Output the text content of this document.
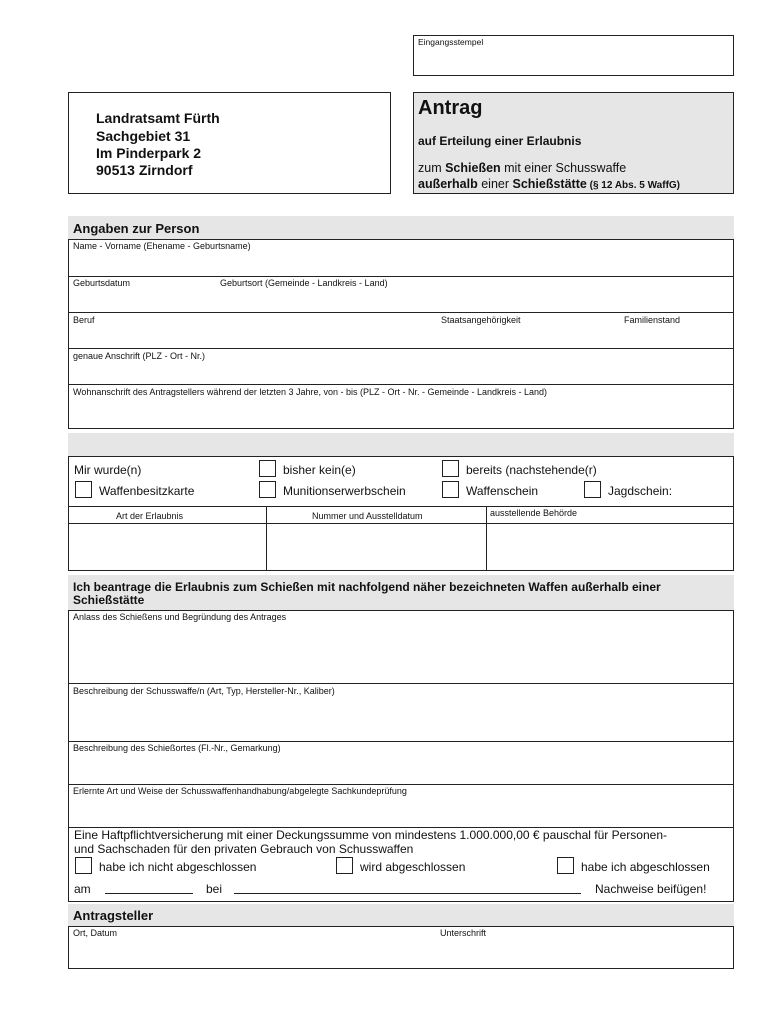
Eingangsstempel
Landratsamt Fürth
Sachgebiet 31
Im Pinderpark 2
90513 Zirndorf
Antrag
auf Erteilung einer Erlaubnis
zum Schießen mit einer Schusswaffe
außerhalb einer Schießstätte (§ 12 Abs. 5 WaffG)
Angaben zur Person
Name - Vorname (Ehename - Geburtsname)
Geburtsdatum	Geburtsort (Gemeinde - Landkreis - Land)
Beruf	Staatsangehörigkeit	Familienstand
genaue Anschrift (PLZ - Ort - Nr.)
Wohnanschrift des Antragstellers während der letzten 3 Jahre, von - bis (PLZ - Ort - Nr. - Gemeinde - Landkreis - Land)
Mir wurde(n)	bisher kein(e)	bereits (nachstehende(r)
Waffenbesitzkarte	Munitionserwerbschein	Waffenschein	Jagdschein:
Art der Erlaubnis	Nummer und Ausstelldatum	ausstellende Behörde
Ich beantrage die Erlaubnis zum Schießen mit nachfolgend näher bezeichneten Waffen außerhalb einer
Schießstätte
Anlass des Schießens und Begründung des Antrages
Beschreibung der Schusswaffe/n (Art, Typ, Hersteller-Nr., Kaliber)
Beschreibung des Schießortes (Fl.-Nr., Gemarkung)
Erlernte Art und Weise der Schusswaffenhandhabung/abgelegte Sachkundeprüfung
Eine Haftpflichtversicherung mit einer Deckungssumme von mindestens 1.000.000,00 € pauschal für Personen-
und Sachschaden für den privaten Gebrauch von Schusswaffen
habe ich nicht abgeschlossen	wird abgeschlossen	habe ich abgeschlossen
am	bei	Nachweise beifügen!
Antragsteller
Ort, Datum	Unterschrift
